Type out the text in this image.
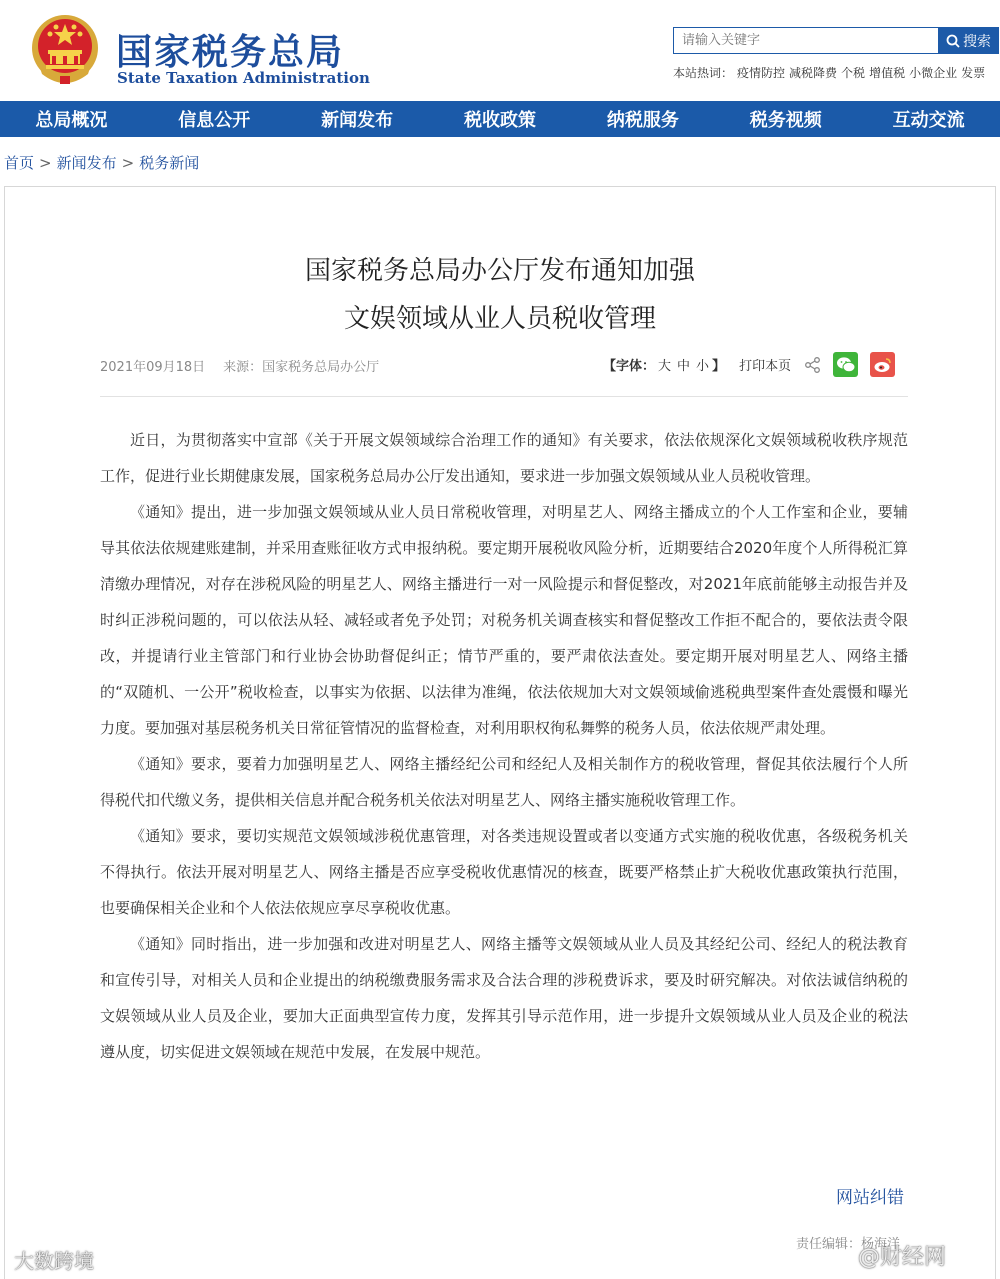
国家税务总局
State Taxation Administration
请输入关键字
搜索
本站热词： 疫情防控 减税降费 个税 增值税 小微企业 发票
总局概况	信息公开	新闻发布	税收政策	纳税服务	税务视频	互动交流
首页 > 新闻发布 > 税务新闻
国家税务总局办公厅发布通知加强
文娱领域从业人员税收管理
2021年09月18日 来源：国家税务总局办公厅	【字体： 大 中 小 】 打印本页

近日，为贯彻落实中宣部《关于开展文娱领域综合治理工作的通知》有关要求，依法依规深化文娱领域税收秩序规范工作，促进行业长期健康发展，国家税务总局办公厅发出通知，要求进一步加强文娱领域从业人员税收管理。

《通知》提出，进一步加强文娱领域从业人员日常税收管理，对明星艺人、网络主播成立的个人工作室和企业，要辅导其依法依规建账建制，并采用查账征收方式申报纳税。要定期开展税收风险分析，近期要结合2020年度个人所得税汇算清缴办理情况，对存在涉税风险的明星艺人、网络主播进行一对一风险提示和督促整改，对2021年底前能够主动报告并及时纠正涉税问题的，可以依法从轻、减轻或者免予处罚；对税务机关调查核实和督促整改工作拒不配合的，要依法责令限改，并提请行业主管部门和行业协会协助督促纠正；情节严重的，要严肃依法查处。要定期开展对明星艺人、网络主播的“双随机、一公开”税收检查，以事实为依据、以法律为准绳，依法依规加大对文娱领域偷逃税典型案件查处震慑和曝光力度。要加强对基层税务机关日常征管情况的监督检查，对利用职权徇私舞弊的税务人员，依法依规严肃处理。

《通知》要求，要着力加强明星艺人、网络主播经纪公司和经纪人及相关制作方的税收管理，督促其依法履行个人所得税代扣代缴义务，提供相关信息并配合税务机关依法对明星艺人、网络主播实施税收管理工作。

《通知》要求，要切实规范文娱领域涉税优惠管理，对各类违规设置或者以变通方式实施的税收优惠，各级税务机关不得执行。依法开展对明星艺人、网络主播是否应享受税收优惠情况的核查，既要严格禁止扩大税收优惠政策执行范围，也要确保相关企业和个人依法依规应享尽享税收优惠。

《通知》同时指出，进一步加强和改进对明星艺人、网络主播等文娱领域从业人员及其经纪公司、经纪人的税法教育和宣传引导，对相关人员和企业提出的纳税缴费服务需求及合法合理的涉税费诉求，要及时研究解决。对依法诚信纳税的文娱领域从业人员及企业，要加大正面典型宣传力度，发挥其引导示范作用，进一步提升文娱领域从业人员及企业的税法遵从度，切实促进文娱领域在规范中发展，在发展中规范。

网站纠错
责任编辑：杨海洋
大数跨境	@财经网
